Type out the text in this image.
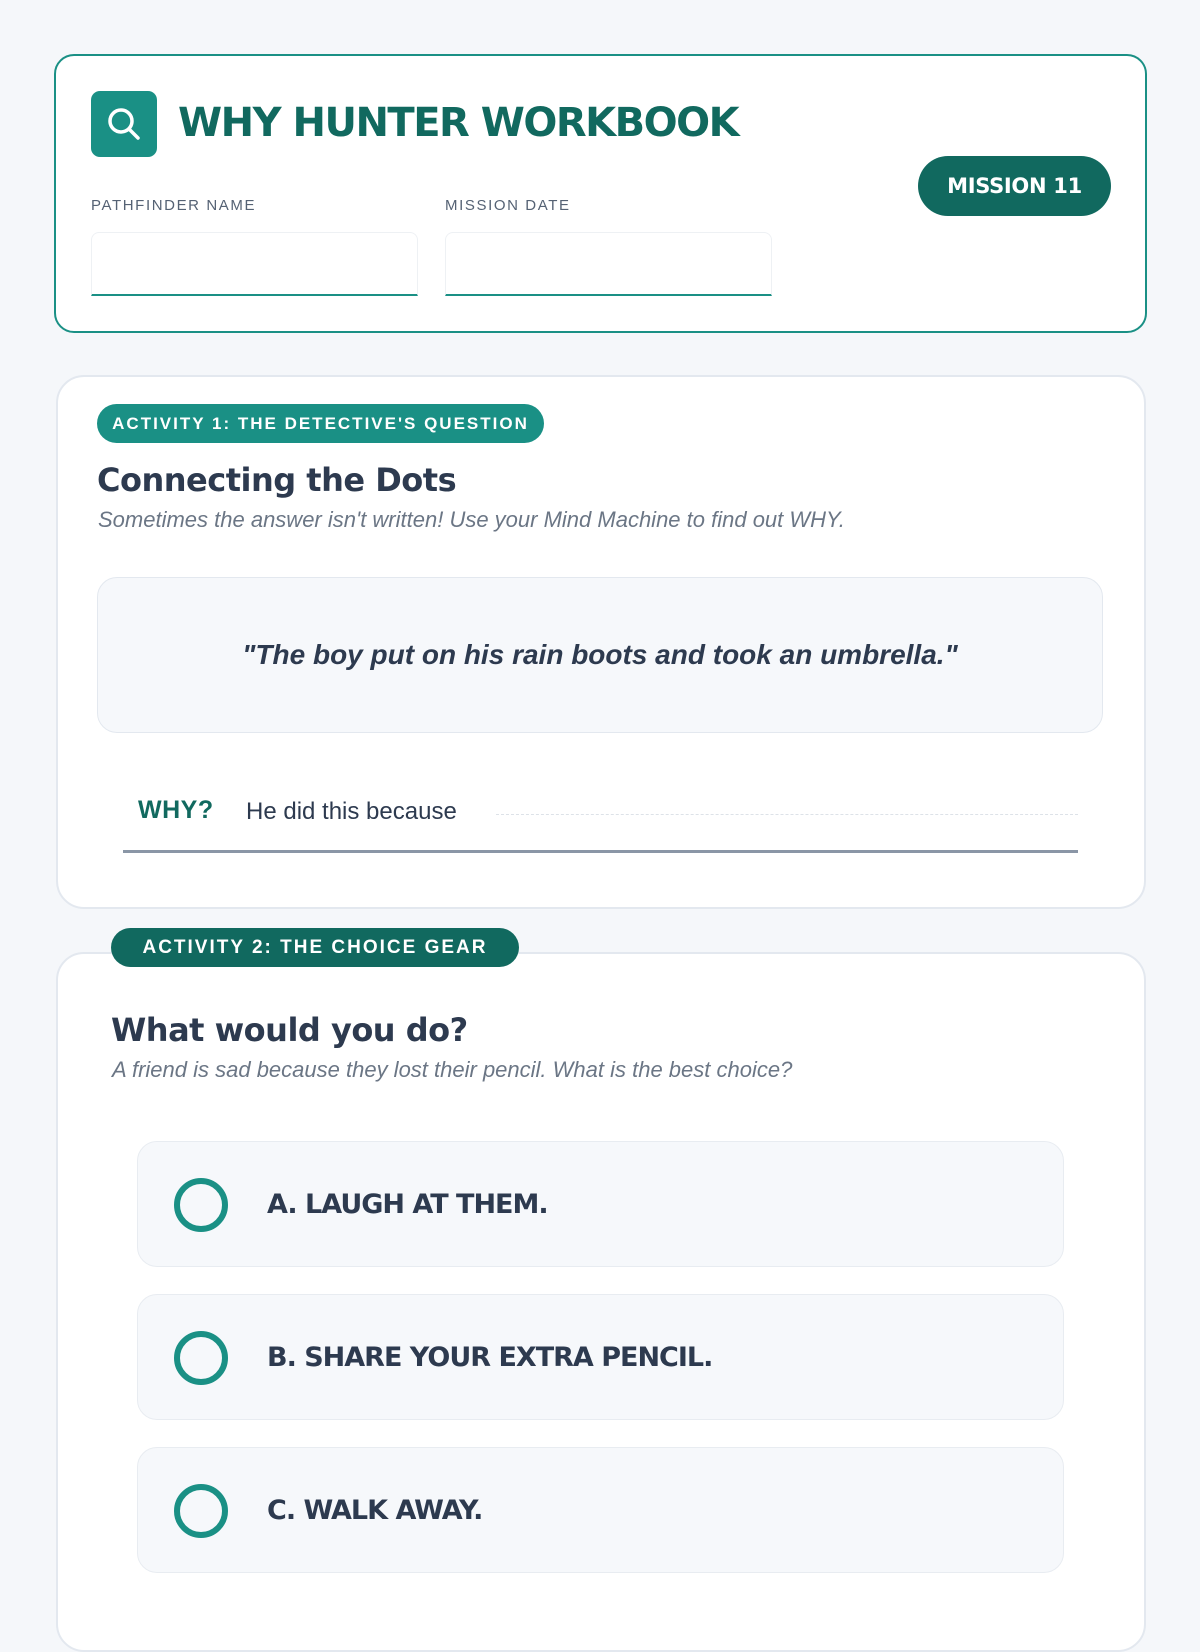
WHY HUNTER WORKBOOK
MISSION 11
PATHFINDER NAME	MISSION DATE
ACTIVITY 1: THE DETECTIVE'S QUESTION
Connecting the Dots
Sometimes the answer isn't written! Use your Mind Machine to find out WHY.
"The boy put on his rain boots and took an umbrella."
WHY? He did this because
ACTIVITY 2: THE CHOICE GEAR
What would you do?
A friend is sad because they lost their pencil. What is the best choice?
A. LAUGH AT THEM.
B. SHARE YOUR EXTRA PENCIL.
C. WALK AWAY.
